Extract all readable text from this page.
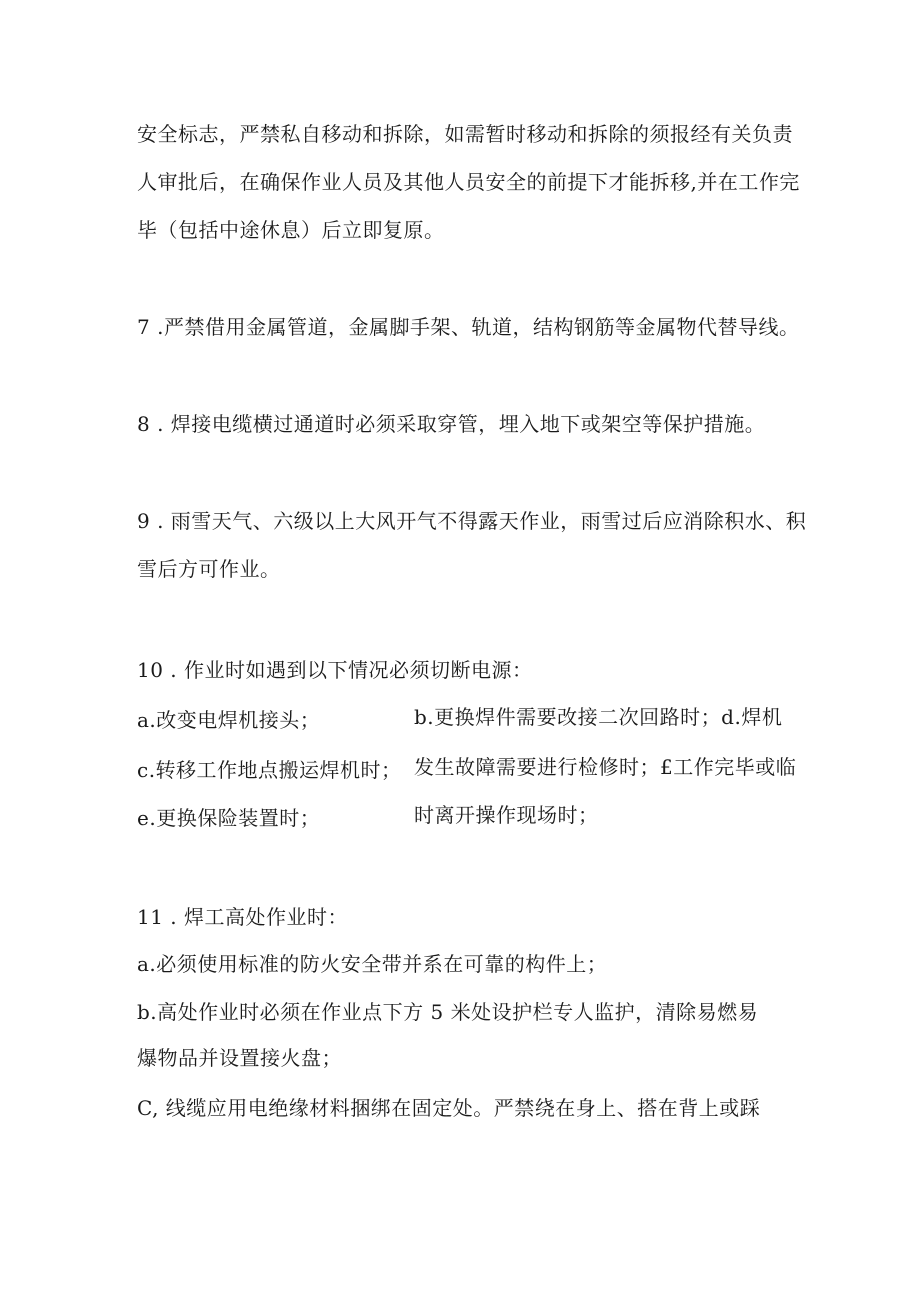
安全标志，严禁私自移动和拆除，如需暂时移动和拆除的须报经有关负责
人审批后，在确保作业人员及其他人员安全的前提下才能拆移,并在工作完
毕（包括中途休息）后立即复原。
7 .严禁借用金属管道，金属脚手架、轨道，结构钢筋等金属物代替导线。
8 . 焊接电缆横过通道时必须采取穿管，埋入地下或架空等保护措施。
9 . 雨雪天气、六级以上大风开气不得露天作业，雨雪过后应消除积水、积
雪后方可作业。
10 . 作业时如遇到以下情况必须切断电源：
a.改变电焊机接头；	b.更换焊件需要改接二次回路时；d.焊机
c.转移工作地点搬运焊机时； 发生故障需要进行检修时；£工作完毕或临
e.更换保险装置时；	时离开操作现场时；
11 . 焊工高处作业时：
a.必须使用标准的防火安全带并系在可靠的构件上；
b.高处作业时必须在作业点下方 5 米处设护栏专人监护，清除易燃易
爆物品并设置接火盘；
C, 线缆应用电绝缘材料捆绑在固定处。严禁绕在身上、搭在背上或踩
